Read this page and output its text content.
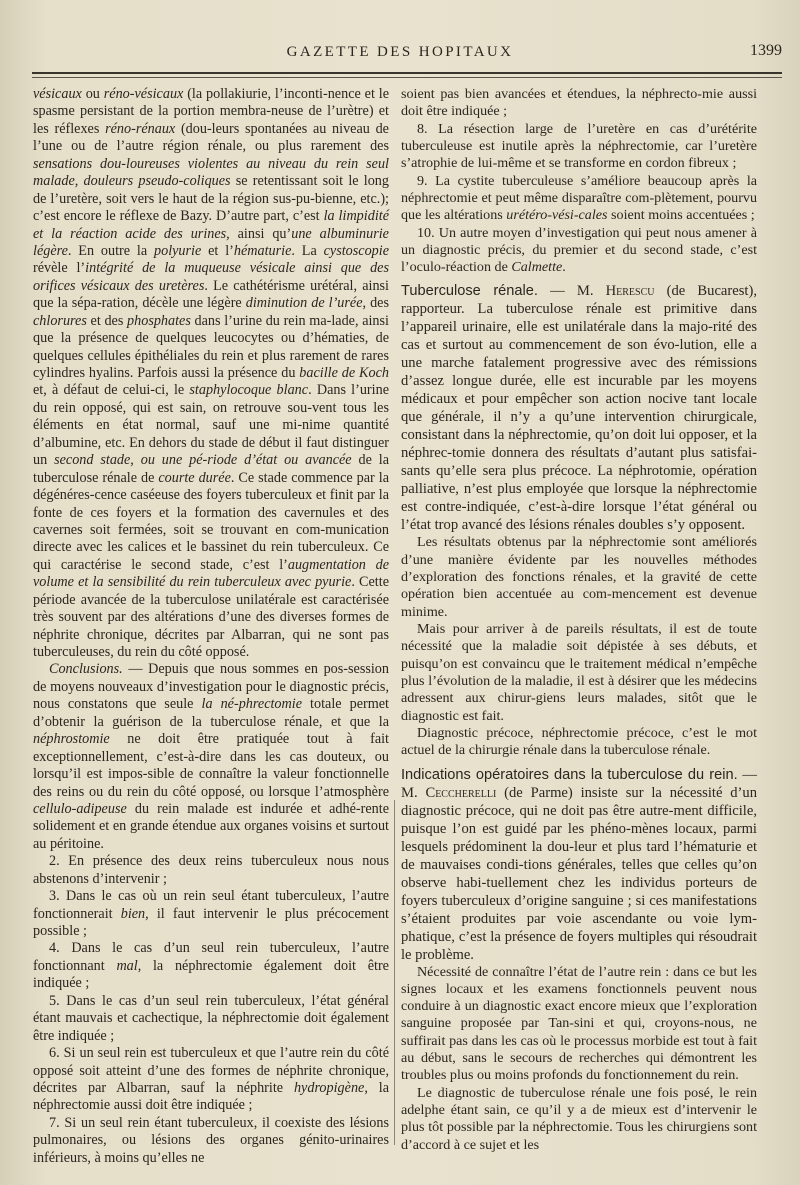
GAZETTE DES HOPITAUX	1399

vésicaux ou réno-vésicaux (la pollakiurie, l’inconti-nence et le spasme persistant de la portion membra-neuse de l’urètre) et les réflexes réno-rénaux (dou-leurs spontanées au niveau de l’une ou de l’autre région rénale, ou plus rarement des sensations dou-loureuses violentes au niveau du rein seul malade, douleurs pseudo-coliques se retentissant soit le long de l’uretère, soit vers le haut de la région sus-pu-bienne, etc.); c’est encore le réflexe de Bazy. D’autre part, c’est la limpidité et la réaction acide des urines, ainsi qu’une albuminurie légère. En outre la polyurie et l’hématurie. La cystoscopie révèle l’intégrité de la muqueuse vésicale ainsi que des orifices vésicaux des uretères. Le cathétérisme urétéral, ainsi que la sépa-ration, décèle une légère diminution de l’urée, des chlorures et des phosphates dans l’urine du rein ma-lade, ainsi que la présence de quelques leucocytes ou d’hématies, de quelques cellules épithéliales du rein et plus rarement de rares cylindres hyalins. Parfois aussi la présence du bacille de Koch et, à défaut de celui-ci, le staphylocoque blanc. Dans l’urine du rein opposé, qui est sain, on retrouve sou-vent tous les éléments en état normal, sauf une mi-nime quantité d’albumine, etc. En dehors du stade de début il faut distinguer un second stade, ou une pé-riode d’état ou avancée de la tuberculose rénale de courte durée. Ce stade commence par la dégénéres-cence caséeuse des foyers tuberculeux et finit par la fonte de ces foyers et la formation des cavernules et des cavernes soit fermées, soit se trouvant en com-munication directe avec les calices et le bassinet du rein tuberculeux. Ce qui caractérise le second stade, c’est l’augmentation de volume et la sensibilité du rein tuberculeux avec pyurie. Cette période avancée de la tuberculose unilatérale est caractérisée très souvent par des altérations d’une des diverses formes de néphrite chronique, décrites par Albarran, qui ne sont pas tuberculeuses, du rein du côté opposé.

Conclusions. — Depuis que nous sommes en pos-session de moyens nouveaux d’investigation pour le diagnostic précis, nous constatons que seule la né-phrectomie totale permet d’obtenir la guérison de la tuberculose rénale, et que la néphrostomie ne doit être pratiquée tout à fait exceptionnellement, c’est-à-dire dans les cas douteux, ou lorsqu’il est impos-sible de connaître la valeur fonctionnelle des reins ou du rein du côté opposé, ou lorsque l’atmosphère cellulo-adipeuse du rein malade est indurée et adhé-rente solidement et en grande étendue aux organes voisins et surtout au péritoine.

2. En présence des deux reins tuberculeux nous nous abstenons d’intervenir ;

3. Dans le cas où un rein seul étant tuberculeux, l’autre fonctionnerait bien, il faut intervenir le plus précocement possible ;

4. Dans le cas d’un seul rein tuberculeux, l’autre fonctionnant mal, la néphrectomie également doit être indiquée ;

5. Dans le cas d’un seul rein tuberculeux, l’état général étant mauvais et cachectique, la néphrectomie doit également être indiquée ;

6. Si un seul rein est tuberculeux et que l’autre rein du côté opposé soit atteint d’une des formes de néphrite chronique, décrites par Albarran, sauf la néphrite hydropigène, la néphrectomie aussi doit être indiquée ;

7. Si un seul rein étant tuberculeux, il coexiste des lésions pulmonaires, ou lésions des organes génito-urinaires inférieurs, à moins qu’elles ne

soient pas bien avancées et étendues, la néphrecto-mie aussi doit être indiquée ;

8. La résection large de l’uretère en cas d’urétérite tuberculeuse est inutile après la néphrectomie, car l’uretère s’atrophie de lui-même et se transforme en cordon fibreux ;

9. La cystite tuberculeuse s’améliore beaucoup après la néphrectomie et peut même disparaître com-plètement, pourvu que les altérations urétéro-vési-cales soient moins accentuées ;

10. Un autre moyen d’investigation qui peut nous amener à un diagnostic précis, du premier et du second stade, c’est l’oculo-réaction de Calmette.

Tuberculose rénale. — M. Herescu (de Bucarest), rapporteur. La tuberculose rénale est primitive dans l’appareil urinaire, elle est unilatérale dans la majo-rité des cas et surtout au commencement de son évo-lution, elle a une marche fatalement progressive avec des rémissions d’assez longue durée, elle est incurable par les moyens médicaux et pour empêcher son action nocive tant locale que générale, il n’y a qu’une intervention chirurgicale, consistant dans la néphrectomie, qu’on doit lui opposer, et la néphrec-tomie donnera des résultats d’autant plus satisfai-sants qu’elle sera plus précoce. La néphrotomie, opération palliative, n’est plus employée que lorsque la néphrectomie est contre-indiquée, c’est-à-dire lorsque l’état général ou l’état trop avancé des lésions rénales doubles s’y opposent.

Les résultats obtenus par la néphrectomie sont améliorés d’une manière évidente par les nouvelles méthodes d’exploration des fonctions rénales, et la gravité de cette opération bien accentuée au com-mencement est devenue minime.

Mais pour arriver à de pareils résultats, il est de toute nécessité que la maladie soit dépistée à ses débuts, et puisqu’on est convaincu que le traitement médical n’empêche plus l’évolution de la maladie, il est à désirer que les médecins adressent aux chirur-giens leurs malades, sitôt que le diagnostic est fait.

Diagnostic précoce, néphrectomie précoce, c’est le mot actuel de la chirurgie rénale dans la tuberculose rénale.

Indications opératoires dans la tuberculose du rein. — M. Ceccherelli (de Parme) insiste sur la nécessité d’un diagnostic précoce, qui ne doit pas être autre-ment difficile, puisque l’on est guidé par les phéno-mènes locaux, parmi lesquels prédominent la dou-leur et plus tard l’hématurie et de mauvaises condi-tions générales, telles que celles qu’on observe habi-tuellement chez les individus porteurs de foyers tuberculeux d’origine sanguine ; si ces manifestations s’étaient produites par voie ascendante ou voie lym-phatique, c’est la présence de foyers multiples qui résoudrait le problème.

Nécessité de connaître l’état de l’autre rein : dans ce but les signes locaux et les examens fonctionnels peuvent nous conduire à un diagnostic exact encore mieux que l’exploration sanguine proposée par Tan-sini et qui, croyons-nous, ne suffirait pas dans les cas où le processus morbide est tout à fait au début, sans le secours de recherches qui démontrent les troubles plus ou moins profonds du fonctionnement du rein.

Le diagnostic de tuberculose rénale une fois posé, le rein adelphe étant sain, ce qu’il y a de mieux est d’intervenir le plus tôt possible par la néphrectomie. Tous les chirurgiens sont d’accord à ce sujet et les
